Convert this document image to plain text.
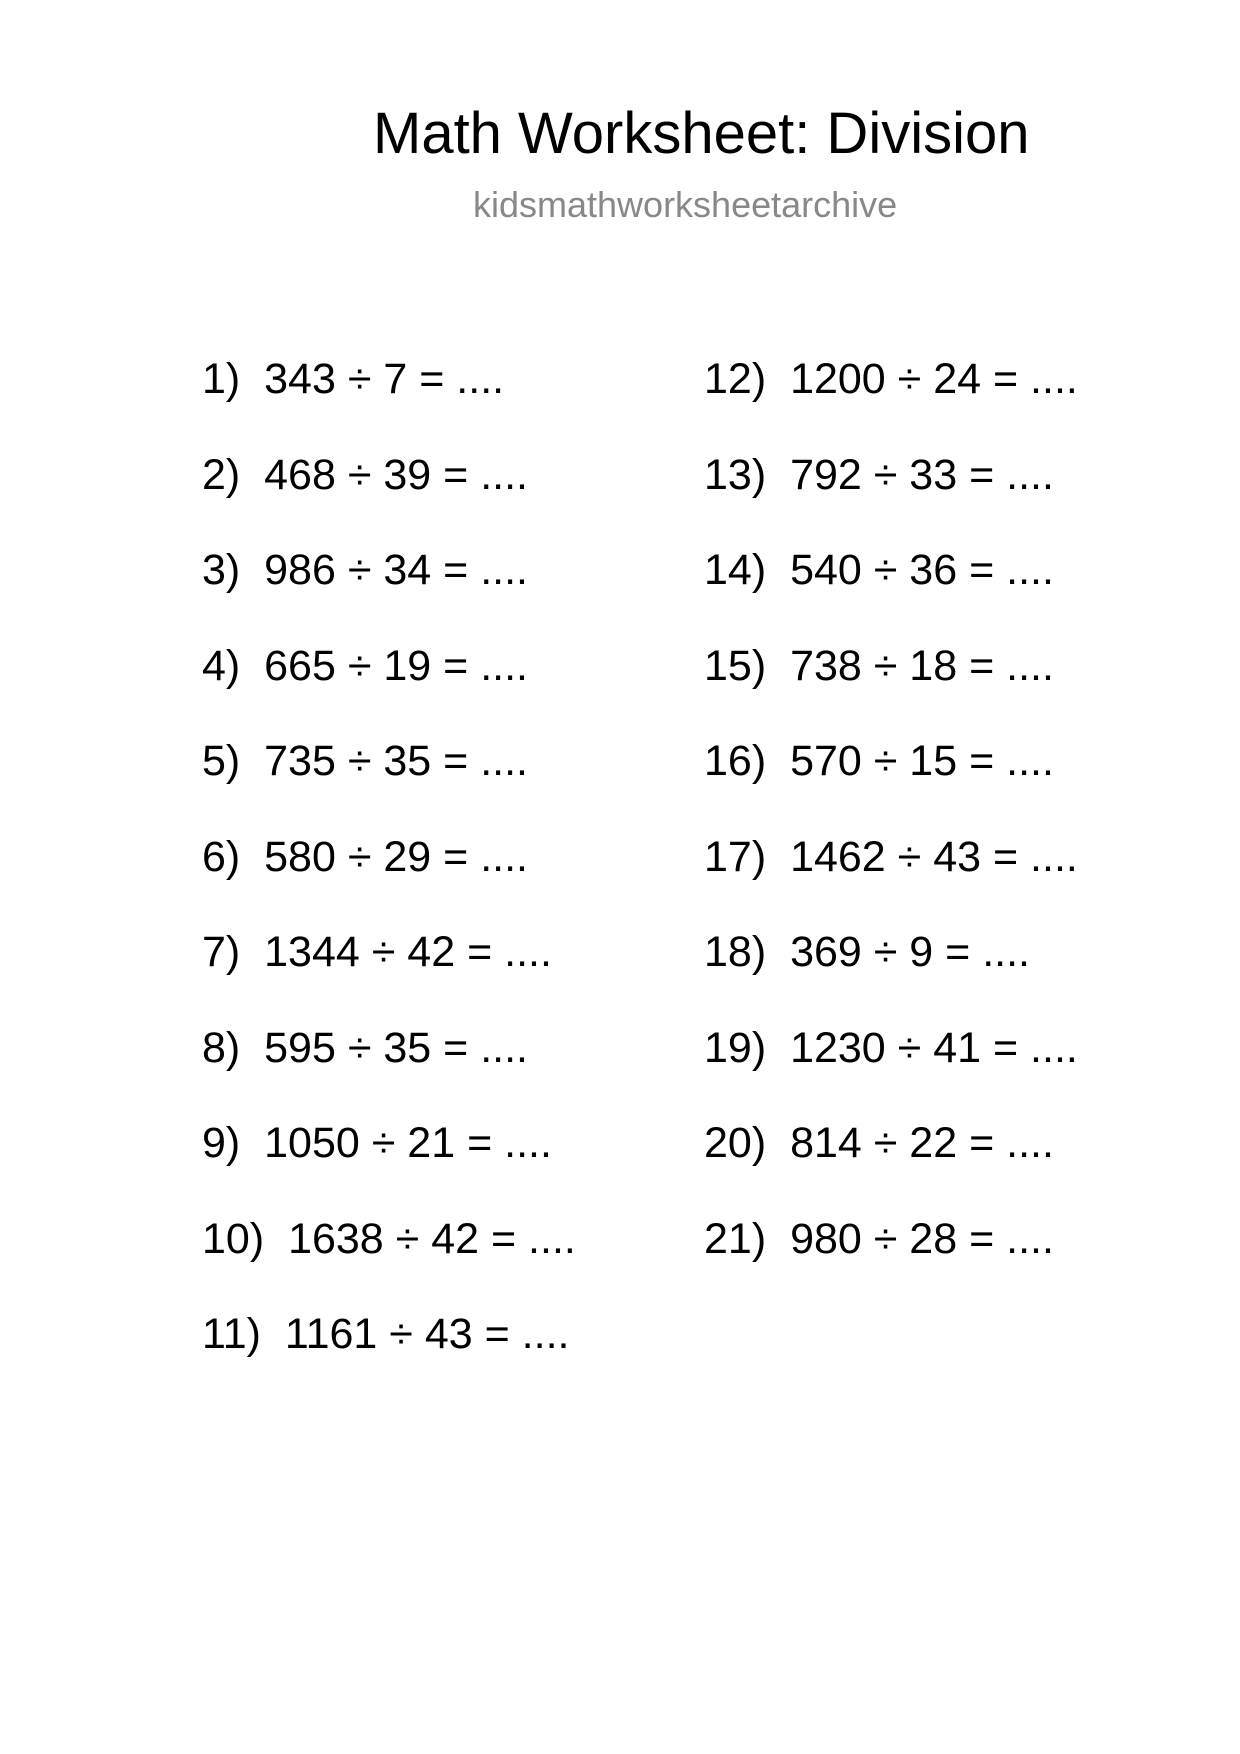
Math Worksheet: Division
kidsmathworksheetarchive
1) 343 ÷ 7 = ....
2) 468 ÷ 39 = ....
3) 986 ÷ 34 = ....
4) 665 ÷ 19 = ....
5) 735 ÷ 35 = ....
6) 580 ÷ 29 = ....
7) 1344 ÷ 42 = ....
8) 595 ÷ 35 = ....
9) 1050 ÷ 21 = ....
10) 1638 ÷ 42 = ....
11) 1161 ÷ 43 = ....
12) 1200 ÷ 24 = ....
13) 792 ÷ 33 = ....
14) 540 ÷ 36 = ....
15) 738 ÷ 18 = ....
16) 570 ÷ 15 = ....
17) 1462 ÷ 43 = ....
18) 369 ÷ 9 = ....
19) 1230 ÷ 41 = ....
20) 814 ÷ 22 = ....
21) 980 ÷ 28 = ....
